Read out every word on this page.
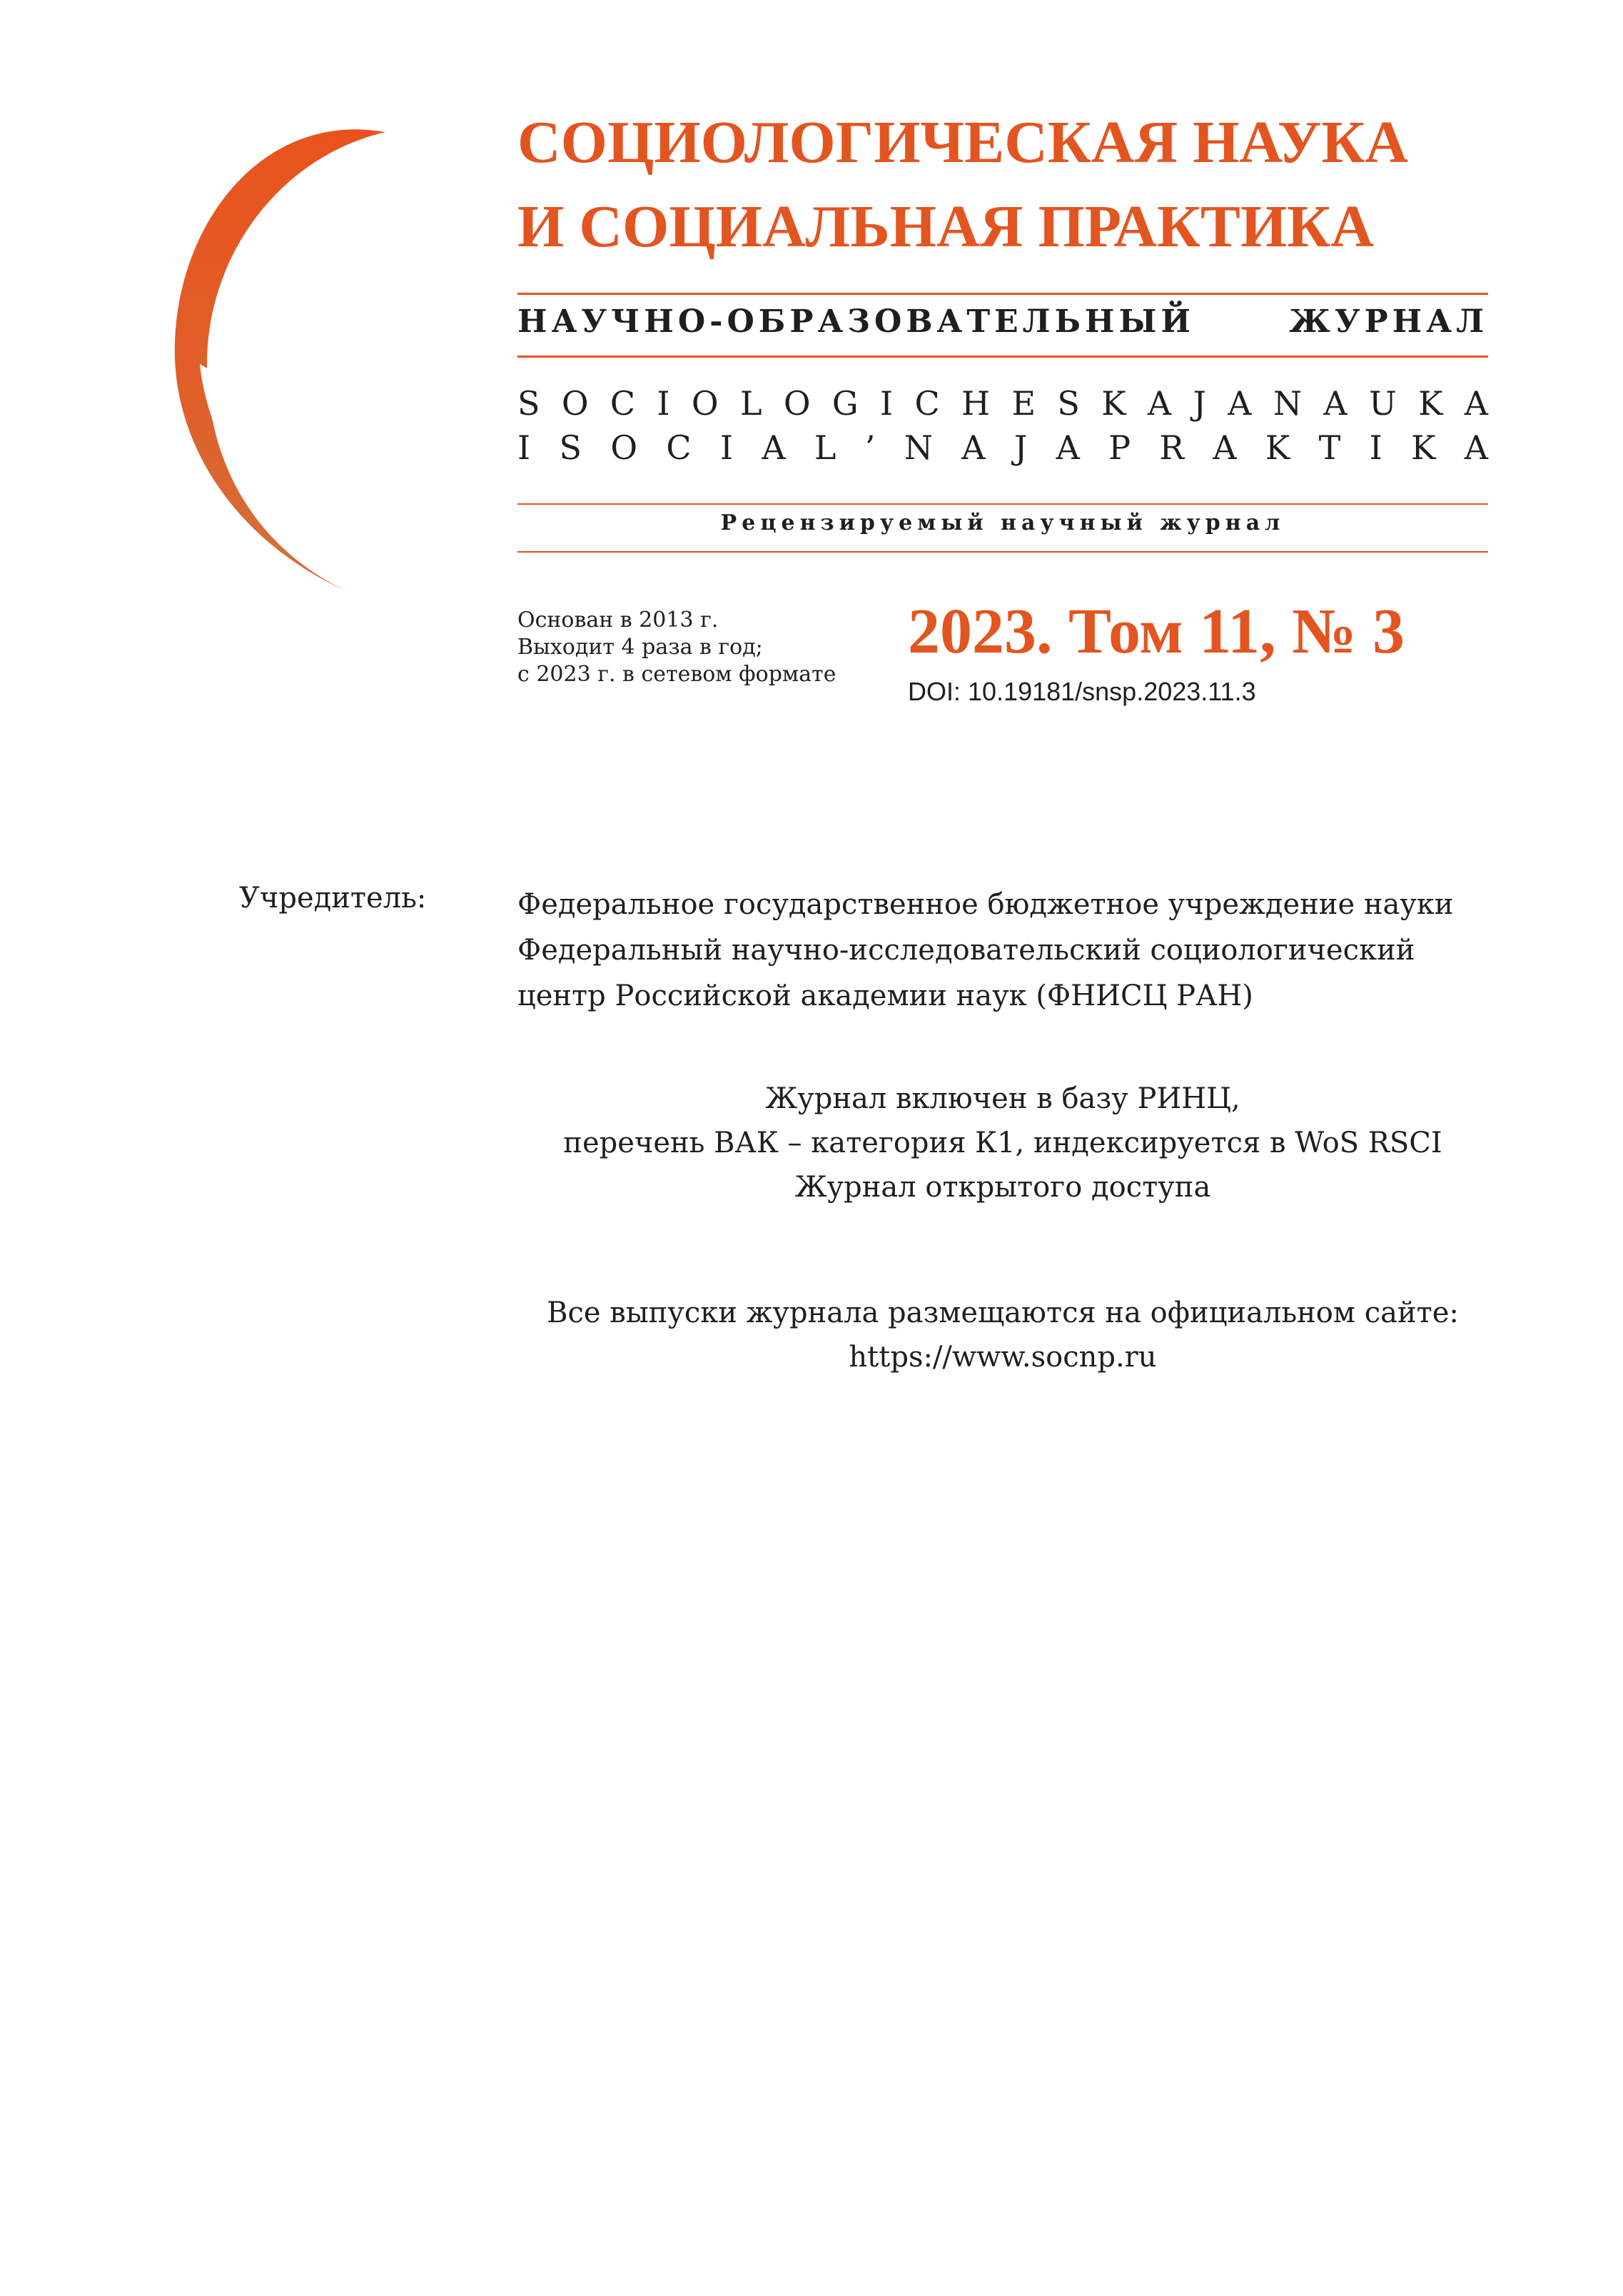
СОЦИОЛОГИЧЕСКАЯ НАУКА
И СОЦИАЛЬНАЯ ПРАКТИКА
НАУЧНО-ОБРАЗОВАТЕЛЬНЫЙ ЖУРНАЛ
S O C I O L O G I C H E S K A J A N A U K A
I S O C I A L ’ N A J A P R A K T I K A
Рецензируемый научный журнал
Основан в 2013 г.
Выходит 4 раза в год;
с 2023 г. в сетевом формате
2023. Том 11, № 3
DOI: 10.19181/snsp.2023.11.3
Учредитель:	Федеральное государственное бюджетное учреждение науки
Федеральный научно-исследовательский социологический
центр Российской академии наук (ФНИСЦ РАН)
Журнал включен в базу РИНЦ,
перечень ВАК – категория К1, индексируется в WoS RSCI
Журнал открытого доступа
Все выпуски журнала размещаются на официальном сайте:
https://www.socnp.ru
